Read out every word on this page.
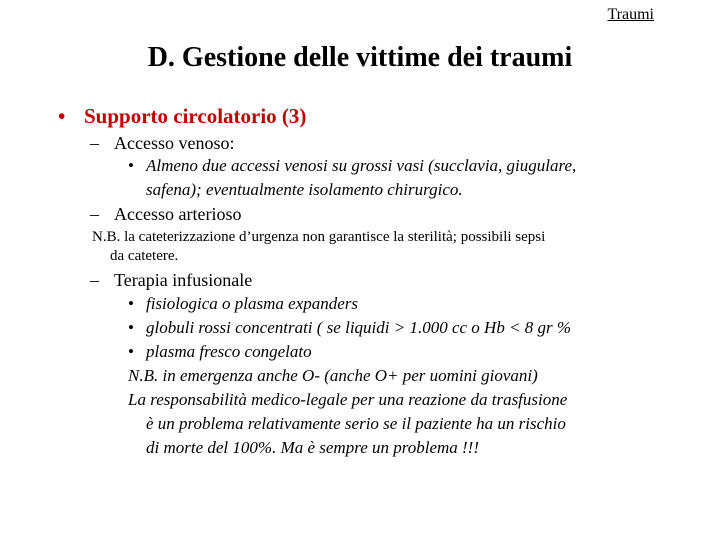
Traumi
D. Gestione delle vittime dei traumi
• Supporto circolatorio (3)
– Accesso venoso:
• Almeno due accessi venosi su grossi vasi (succlavia, giugulare,
safena); eventualmente isolamento chirurgico.
– Accesso arterioso
N.B. la cateterizzazione d’urgenza non garantisce la sterilità; possibili sepsi
da catetere.
– Terapia infusionale
• fisiologica o plasma expanders
• globuli rossi concentrati ( se liquidi > 1.000 cc o Hb < 8 gr %
• plasma fresco congelato
N.B. in emergenza anche O- (anche O+ per uomini giovani)
La responsabilità medico-legale per una reazione da trasfusione
è un problema relativamente serio se il paziente ha un rischio
di morte del 100%. Ma è sempre un problema !!!
